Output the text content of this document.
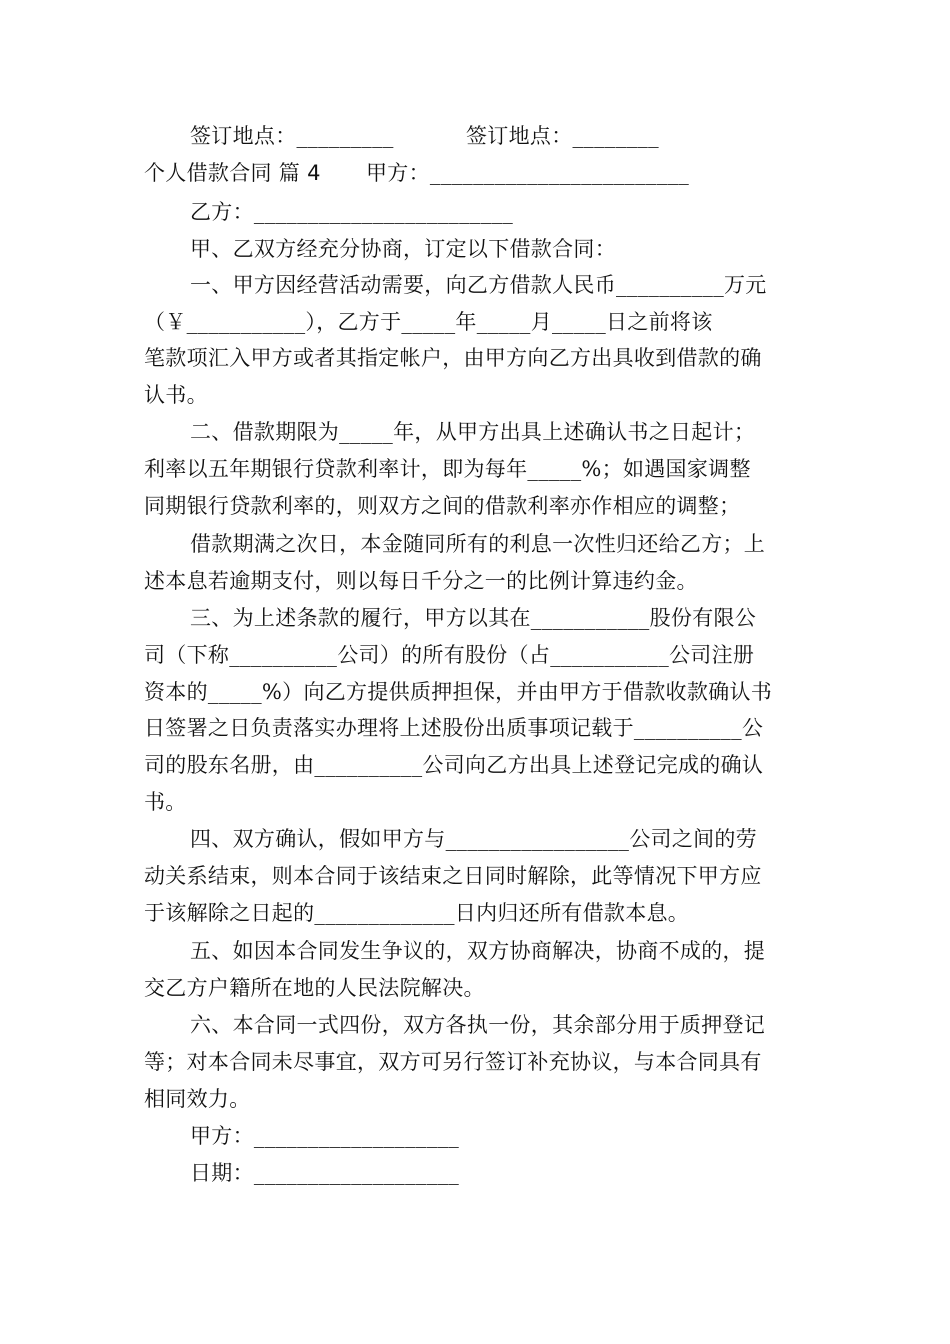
签订地点：_________	签订地点：________
个人借款合同 篇 4 甲方：________________________
乙方：________________________
甲、乙双方经充分协商，订定以下借款合同：
一、甲方因经营活动需要，向乙方借款人民币__________万元
（￥___________），乙方于_____年_____月_____日之前将该
笔款项汇入甲方或者其指定帐户，由甲方向乙方出具收到借款的确
认书。
二、借款期限为_____年，从甲方出具上述确认书之日起计；
利率以五年期银行贷款利率计，即为每年_____%；如遇国家调整
同期银行贷款利率的，则双方之间的借款利率亦作相应的调整；
借款期满之次日，本金随同所有的利息一次性归还给乙方；上
述本息若逾期支付，则以每日千分之一的比例计算违约金。
三、为上述条款的履行，甲方以其在___________股份有限公
司（下称__________公司）的所有股份（占___________公司注册
资本的_____%）向乙方提供质押担保，并由甲方于借款收款确认书
日签署之日负责落实办理将上述股份出质事项记载于__________公
司的股东名册，由__________公司向乙方出具上述登记完成的确认
书。
四、双方确认，假如甲方与_________________公司之间的劳
动关系结束，则本合同于该结束之日同时解除，此等情况下甲方应
于该解除之日起的_____________日内归还所有借款本息。
五、如因本合同发生争议的，双方协商解决，协商不成的，提
交乙方户籍所在地的人民法院解决。
六、本合同一式四份，双方各执一份，其余部分用于质押登记
等；对本合同未尽事宜，双方可另行签订补充协议，与本合同具有
相同效力。
甲方：___________________
日期：___________________
